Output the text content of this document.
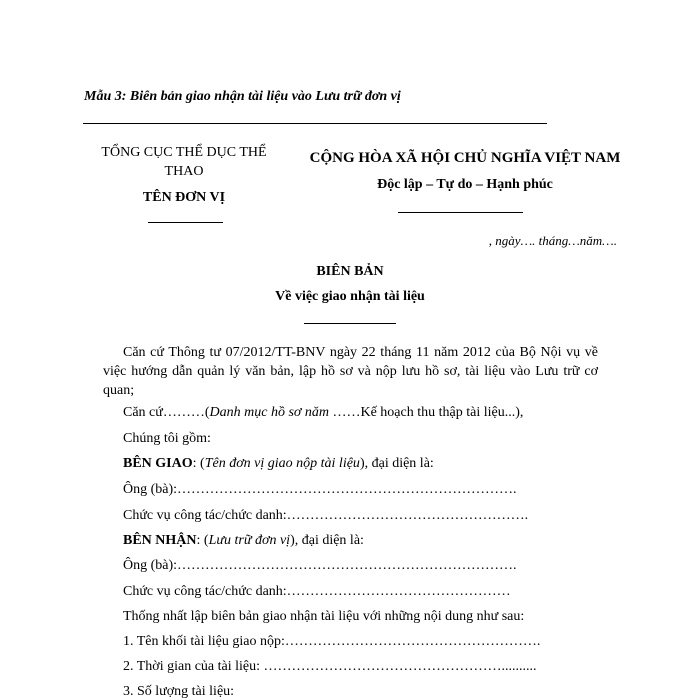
Mẫu 3: Biên bản giao nhận tài liệu vào Lưu trữ đơn vị
TỔNG CỤC THỂ DỤC THỂ
THAO
TÊN ĐƠN VỊ
CỘNG HÒA XÃ HỘI CHỦ NGHĨA VIỆT NAM
Độc lập – Tự do – Hạnh phúc
, ngày…. tháng…năm….
BIÊN BẢN
Về việc giao nhận tài liệu
Căn cứ Thông tư 07/2012/TT-BNV ngày 22 tháng 11 năm 2012 của Bộ Nội vụ về việc hướng dẫn quản lý văn bản, lập hồ sơ và nộp lưu hồ sơ, tài liệu vào Lưu trữ cơ quan;
Căn cứ………(Danh mục hồ sơ năm ……Kế hoạch thu thập tài liệu...),
Chúng tôi gồm:
BÊN GIAO: (Tên đơn vị giao nộp tài liệu), đại diện là:
Ông (bà):……………………………………………………………….
Chức vụ công tác/chức danh:…………………………………………….
BÊN NHẬN: (Lưu trữ đơn vị), đại diện là:
Ông (bà):……………………………………………………………….
Chức vụ công tác/chức danh:…………………………………………
Thống nhất lập biên bản giao nhận tài liệu với những nội dung như sau:
1. Tên khối tài liệu giao nộp:……………………………………………….
2. Thời gian của tài liệu: ……………………………………………..........
3. Số lượng tài liệu:
